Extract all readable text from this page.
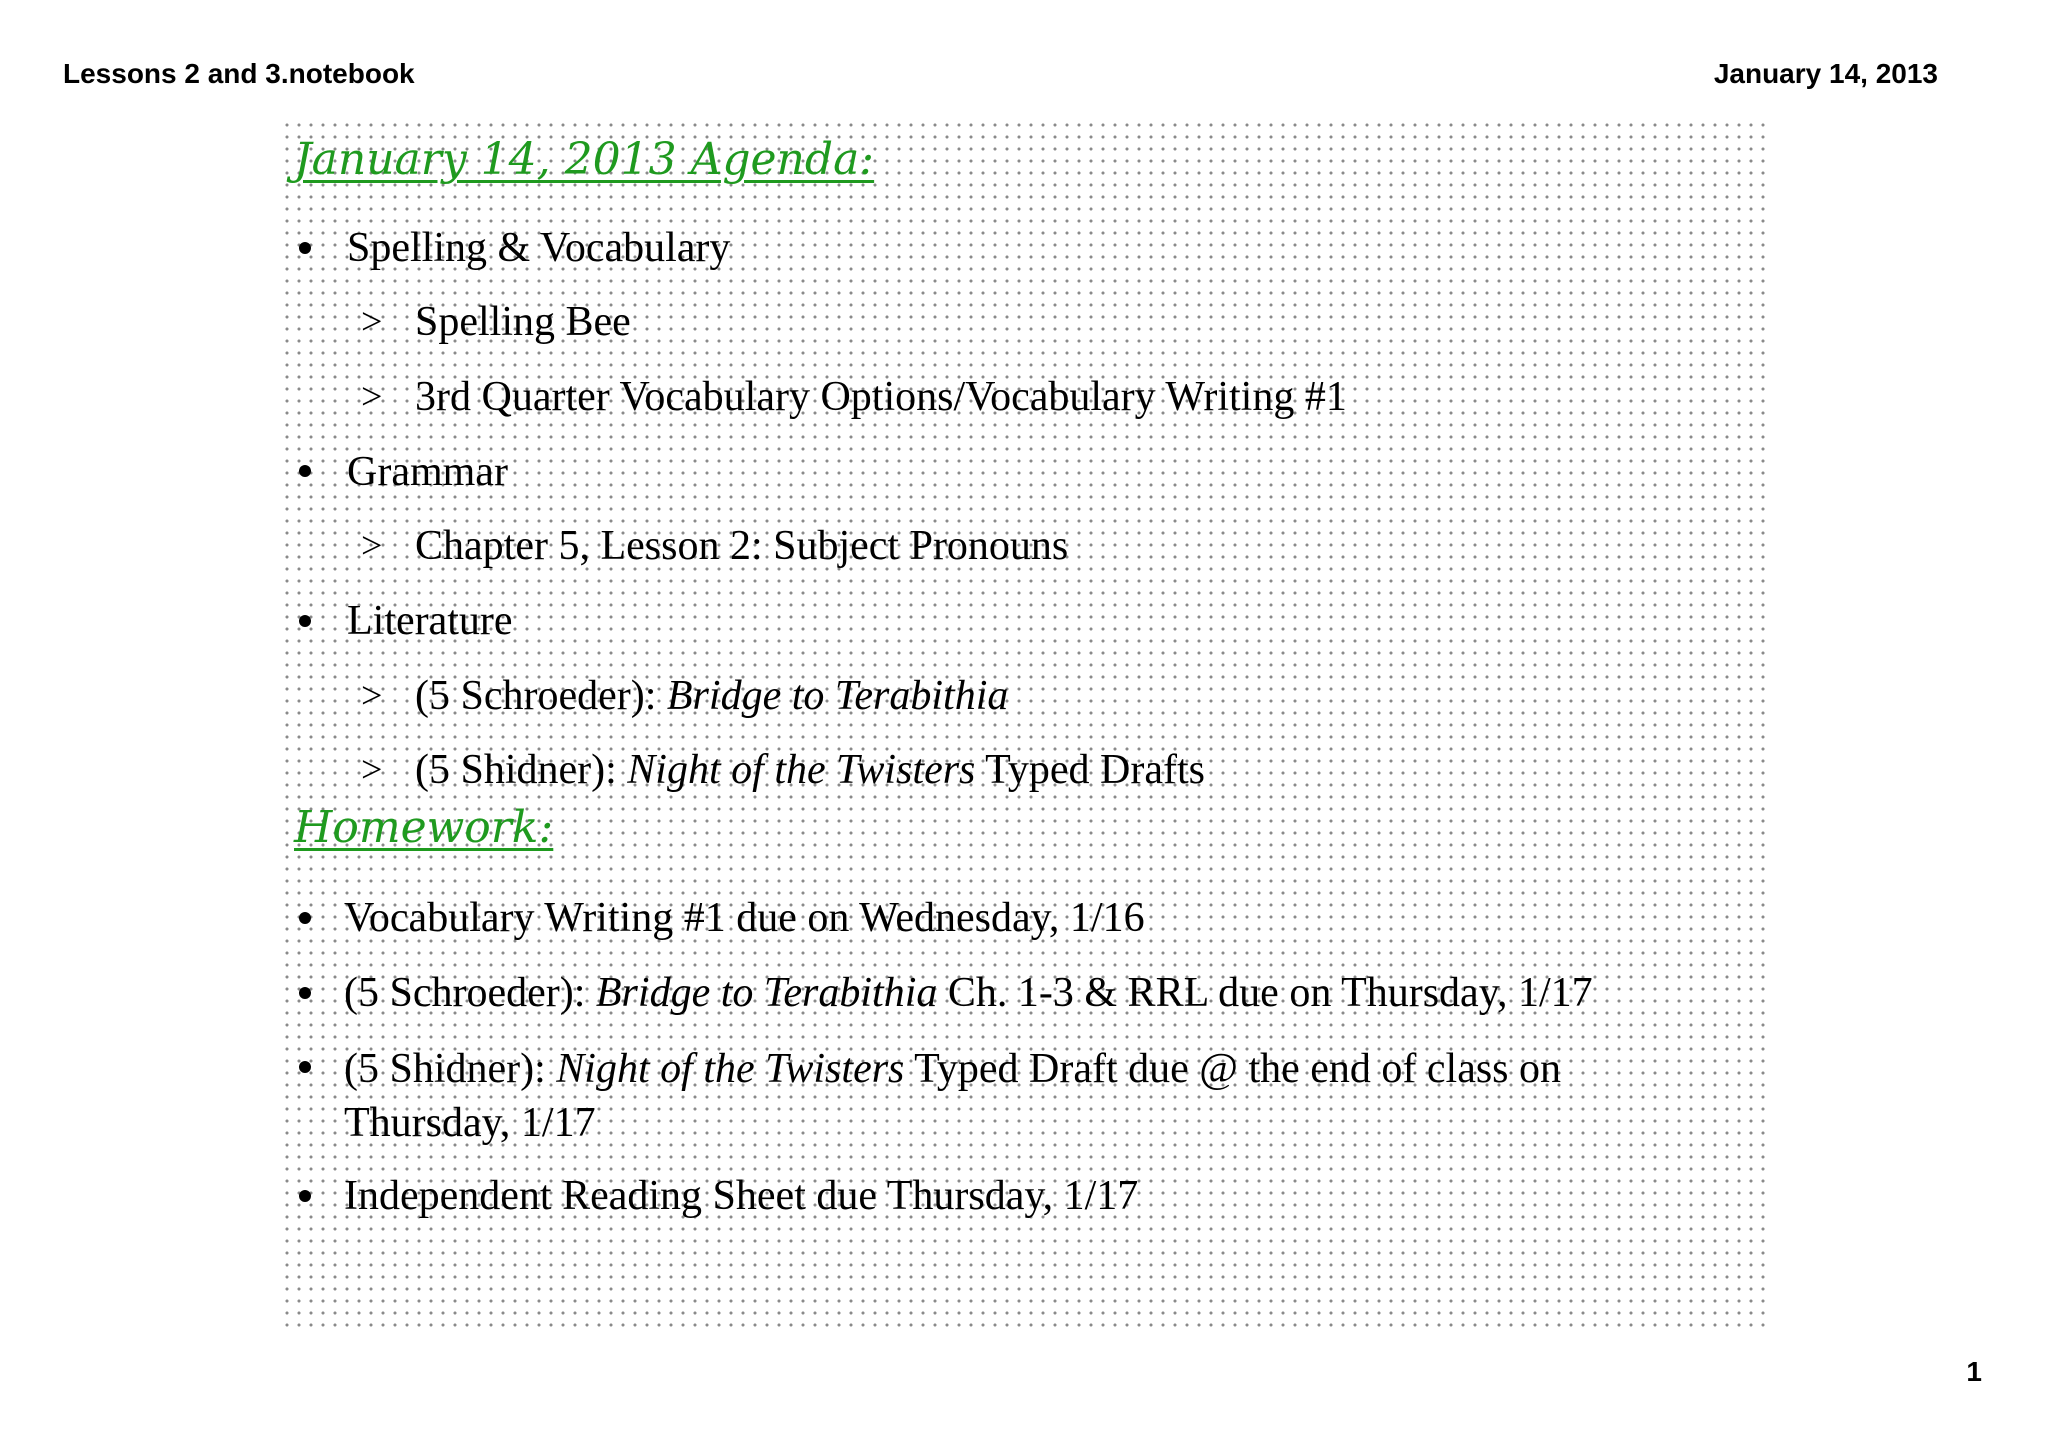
Lessons 2 and 3.notebook	January 14, 2013
January 14, 2013 Agenda:
Spelling & Vocabulary
> Spelling Bee
> 3rd Quarter Vocabulary Options/Vocabulary Writing #1
Grammar
> Chapter 5, Lesson 2: Subject Pronouns
Literature
> (5 Schroeder): Bridge to Terabithia
> (5 Shidner): Night of the Twisters Typed Drafts
Homework:
Vocabulary Writing #1 due on Wednesday, 1/16
(5 Schroeder): Bridge to Terabithia Ch. 1-3 & RRL due on Thursday, 1/17
(5 Shidner): Night of the Twisters Typed Draft due @ the end of class on Thursday, 1/17
Independent Reading Sheet due Thursday, 1/17
1
